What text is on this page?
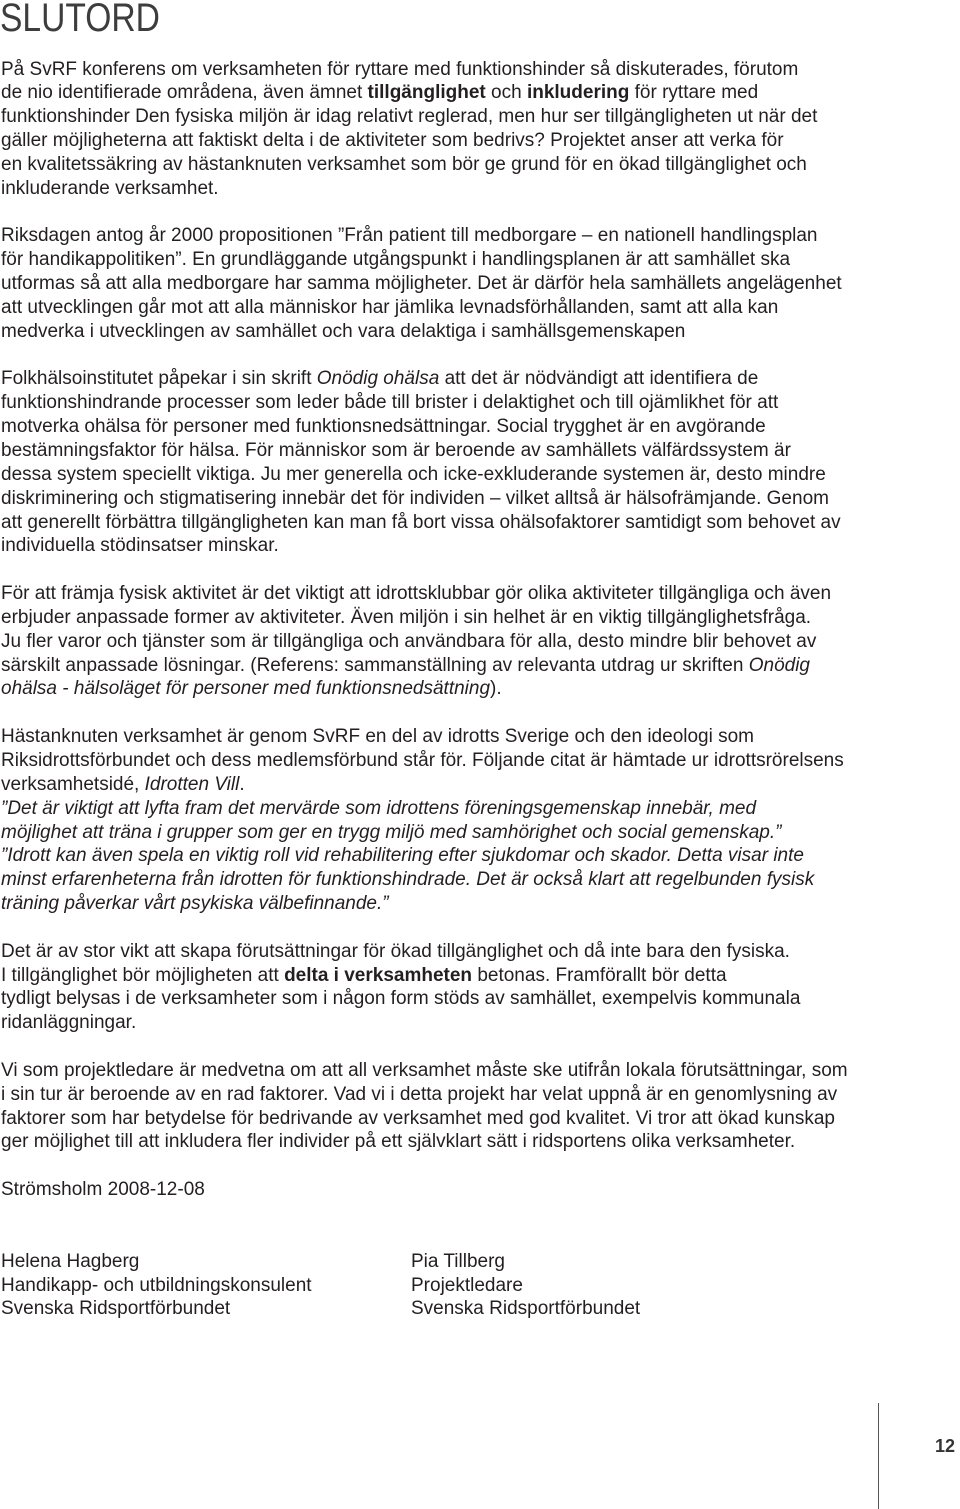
SLUTORD
På SvRF konferens om verksamheten för ryttare med funktionshinder så diskuterades, förutom
de nio identifierade områdena, även ämnet tillgänglighet och inkludering för ryttare med
funktionshinder Den fysiska miljön är idag relativt reglerad, men hur ser tillgängligheten ut när det
gäller möjligheterna att faktiskt delta i de aktiviteter som bedrivs? Projektet anser att verka för
en kvalitetssäkring av hästanknuten verksamhet som bör ge grund för en ökad tillgänglighet och
inkluderande verksamhet.
Riksdagen antog år 2000 propositionen ”Från patient till medborgare – en nationell handlingsplan
för handikappolitiken”. En grundläggande utgångspunkt i handlingsplanen är att samhället ska
utformas så att alla medborgare har samma möjligheter. Det är därför hela samhällets angelägenhet
att utvecklingen går mot att alla människor har jämlika levnadsförhållanden, samt att alla kan
medverka i utvecklingen av samhället och vara delaktiga i samhällsgemenskapen
Folkhälsoinstitutet påpekar i sin skrift Onödig ohälsa att det är nödvändigt att identifiera de
funktionshindrande processer som leder både till brister i delaktighet och till ojämlikhet för att
motverka ohälsa för personer med funktionsnedsättningar. Social trygghet är en avgörande
bestämningsfaktor för hälsa. För människor som är beroende av samhällets välfärdssystem är
dessa system speciellt viktiga. Ju mer generella och icke-exkluderande systemen är, desto mindre
diskriminering och stigmatisering innebär det för individen – vilket alltså är hälsofrämjande. Genom
att generellt förbättra tillgängligheten kan man få bort vissa ohälsofaktorer samtidigt som behovet av
individuella stödinsatser minskar.
För att främja fysisk aktivitet är det viktigt att idrottsklubbar gör olika aktiviteter tillgängliga och även
erbjuder anpassade former av aktiviteter. Även miljön i sin helhet är en viktig tillgänglighetsfråga.
Ju fler varor och tjänster som är tillgängliga och användbara för alla, desto mindre blir behovet av
särskilt anpassade lösningar. (Referens: sammanställning av relevanta utdrag ur skriften Onödig
ohälsa - hälsoläget för personer med funktionsnedsättning).
Hästanknuten verksamhet är genom SvRF en del av idrotts Sverige och den ideologi som
Riksidrottsförbundet och dess medlemsförbund står för. Följande citat är hämtade ur idrottsrörelsens
verksamhetsidé, Idrotten Vill.
”Det är viktigt att lyfta fram det mervärde som idrottens föreningsgemenskap innebär, med
möjlighet att träna i grupper som ger en trygg miljö med samhörighet och social gemenskap.”
”Idrott kan även spela en viktig roll vid rehabilitering efter sjukdomar och skador. Detta visar inte
minst erfarenheterna från idrotten för funktionshindrade. Det är också klart att regelbunden fysisk
träning påverkar vårt psykiska välbefinnande.”
Det är av stor vikt att skapa förutsättningar för ökad tillgänglighet och då inte bara den fysiska.
I tillgänglighet bör möjligheten att delta i verksamheten betonas. Framförallt bör detta
tydligt belysas i de verksamheter som i någon form stöds av samhället, exempelvis kommunala
ridanläggningar.
Vi som projektledare är medvetna om att all verksamhet måste ske utifrån lokala förutsättningar, som
i sin tur är beroende av en rad faktorer. Vad vi i detta projekt har velat uppnå är en genomlysning av
faktorer som har betydelse för bedrivande av verksamhet med god kvalitet. Vi tror att ökad kunskap
ger möjlighet till att inkludera fler individer på ett självklart sätt i ridsportens olika verksamheter.
Strömsholm 2008-12-08
Helena Hagberg
Handikapp- och utbildningskonsulent
Svenska Ridsportförbundet
Pia Tillberg
Projektledare
Svenska Ridsportförbundet
12
